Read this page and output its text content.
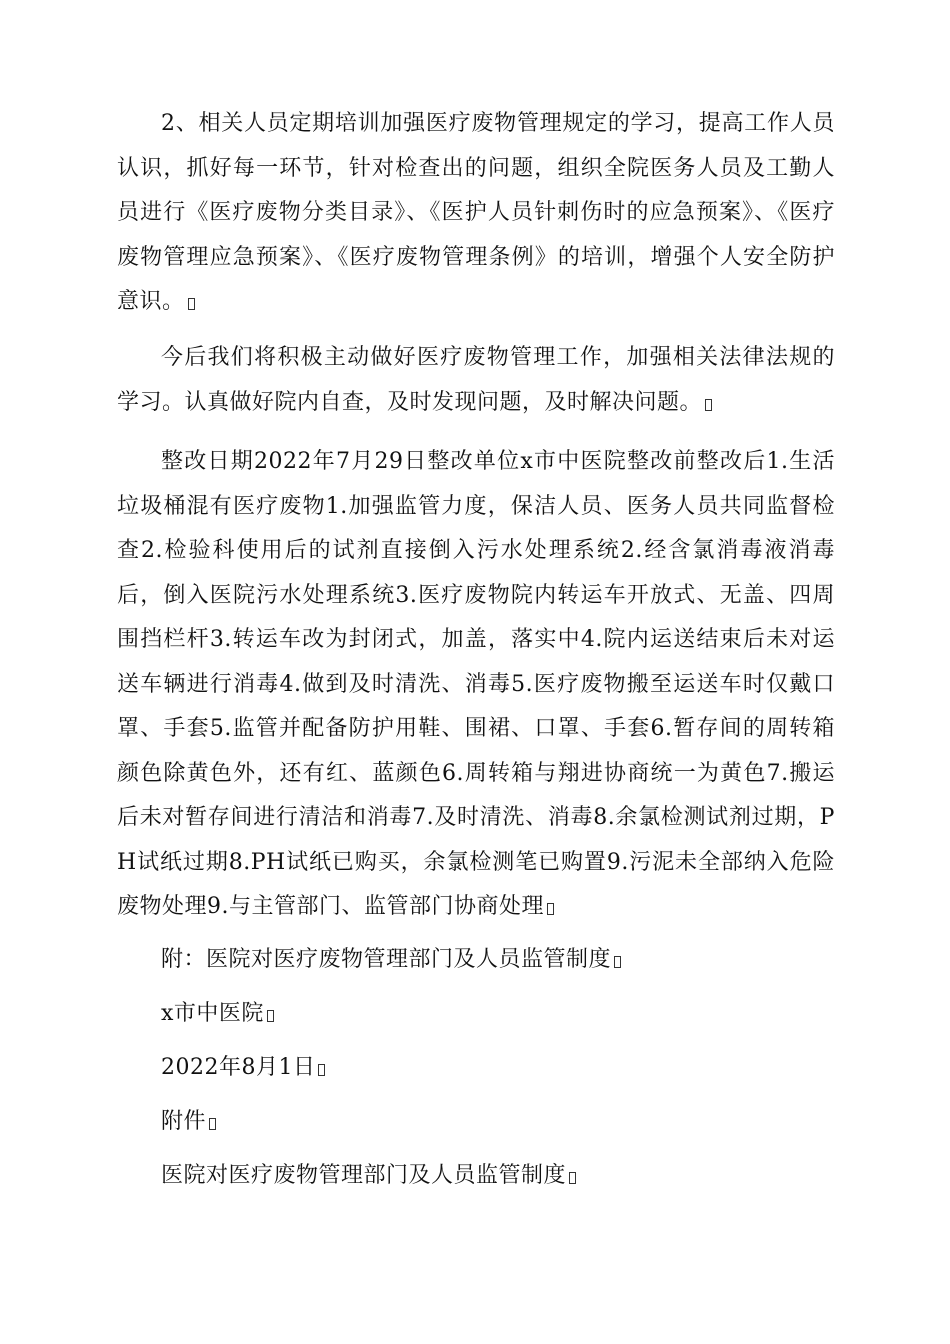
2、相关人员定期培训加强医疗废物管理规定的学习，提高工作人员认识，抓好每一环节，针对检查出的问题，组织全院医务人员及工勤人员进行《医疗废物分类目录》、《医护人员针刺伤时的应急预案》、《医疗废物管理应急预案》、《医疗废物管理条例》的培训，增强个人安全防护意识。

今后我们将积极主动做好医疗废物管理工作，加强相关法律法规的学习。认真做好院内自查，及时发现问题，及时解决问题。

整改日期2022年7月29日整改单位x市中医院整改前整改后1.生活垃圾桶混有医疗废物1.加强监管力度，保洁人员、医务人员共同监督检查2.检验科使用后的试剂直接倒入污水处理系统2.经含氯消毒液消毒后，倒入医院污水处理系统3.医疗废物院内转运车开放式、无盖、四周围挡栏杆3.转运车改为封闭式，加盖，落实中4.院内运送结束后未对运送车辆进行消毒4.做到及时清洗、消毒5.医疗废物搬至运送车时仅戴口罩、手套5.监管并配备防护用鞋、围裙、口罩、手套6.暂存间的周转箱颜色除黄色外，还有红、蓝颜色6.周转箱与翔进协商统一为黄色7.搬运后未对暂存间进行清洁和消毒7.及时清洗、消毒8.余氯检测试剂过期，PH试纸过期8.PH试纸已购买，余氯检测笔已购置9.污泥未全部纳入危险废物处理9.与主管部门、监管部门协商处理

附：医院对医疗废物管理部门及人员监管制度

x市中医院

2022年8月1日

附件

医院对医疗废物管理部门及人员监管制度
